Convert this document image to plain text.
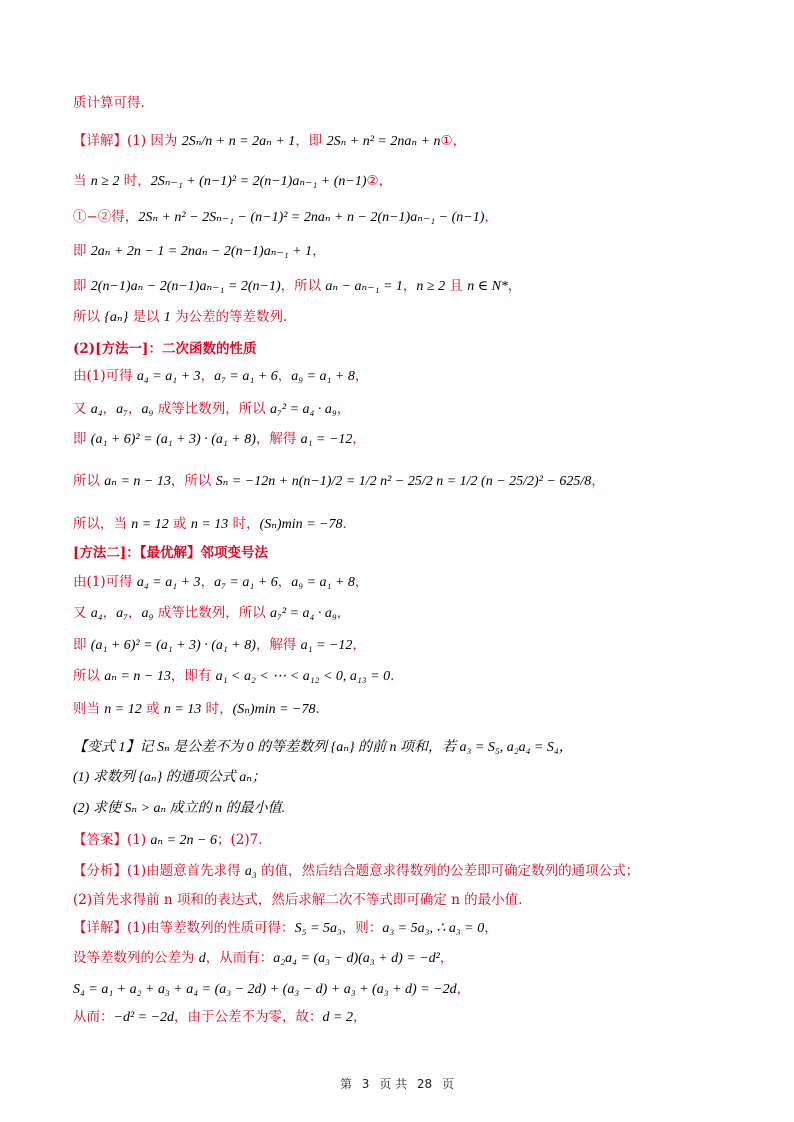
质计算可得.
【详解】(1) 因为 2Sₙ/n + n = 2aₙ + 1，即 2Sₙ + n² = 2naₙ + n①，
当 n ≥ 2 时，2Sₙ₋₁ + (n−1)² = 2(n−1)aₙ₋₁ + (n−1)②，
①−②得，2Sₙ + n² − 2Sₙ₋₁ − (n−1)² = 2naₙ + n − 2(n−1)aₙ₋₁ − (n−1)，
即 2aₙ + 2n − 1 = 2naₙ − 2(n−1)aₙ₋₁ + 1，
即 2(n−1)aₙ − 2(n−1)aₙ₋₁ = 2(n−1)，所以 aₙ − aₙ₋₁ = 1，n ≥ 2 且 n ∈ N*，
所以 {aₙ} 是以 1 为公差的等差数列.
(2)[方法一]：二次函数的性质
由(1)可得 a₄ = a₁ + 3，a₇ = a₁ + 6，a₉ = a₁ + 8，
又 a₄，a₇，a₉ 成等比数列，所以 a₇² = a₄ · a₉，
即 (a₁ + 6)² = (a₁ + 3) · (a₁ + 8)，解得 a₁ = −12，
所以 aₙ = n − 13，所以 Sₙ = −12n + n(n−1)/2 = 1/2 n² − 25/2 n = 1/2 (n − 25/2)² − 625/8，
所以，当 n = 12 或 n = 13 时，(Sₙ)min = −78.
[方法二]：【最优解】邻项变号法
由(1)可得 a₄ = a₁ + 3，a₇ = a₁ + 6，a₉ = a₁ + 8，
又 a₄，a₇，a₉ 成等比数列，所以 a₇² = a₄ · a₉，
即 (a₁ + 6)² = (a₁ + 3) · (a₁ + 8)，解得 a₁ = −12，
所以 aₙ = n − 13，即有 a₁ < a₂ < ⋯ < a₁₂ < 0, a₁₃ = 0.
则当 n = 12 或 n = 13 时，(Sₙ)min = −78.
【变式 1】记 Sₙ 是公差不为 0 的等差数列 {aₙ} 的前 n 项和，若 a₃ = S₅, a₂a₄ = S₄，
(1) 求数列 {aₙ} 的通项公式 aₙ；
(2) 求使 Sₙ > aₙ 成立的 n 的最小值.
【答案】(1) aₙ = 2n − 6；(2)7.
【分析】(1)由题意首先求得 a₃ 的值，然后结合题意求得数列的公差即可确定数列的通项公式；
(2)首先求得前 n 项和的表达式，然后求解二次不等式即可确定 n 的最小值.
【详解】(1)由等差数列的性质可得：S₅ = 5a₃，则：a₃ = 5a₃, ∴ a₃ = 0，
设等差数列的公差为 d，从而有：a₂a₄ = (a₃ − d)(a₃ + d) = −d²，
S₄ = a₁ + a₂ + a₃ + a₄ = (a₃ − 2d) + (a₃ − d) + a₃ + (a₃ + d) = −2d，
从而：−d² = −2d，由于公差不为零，故：d = 2，
第 3 页 共 28 页
